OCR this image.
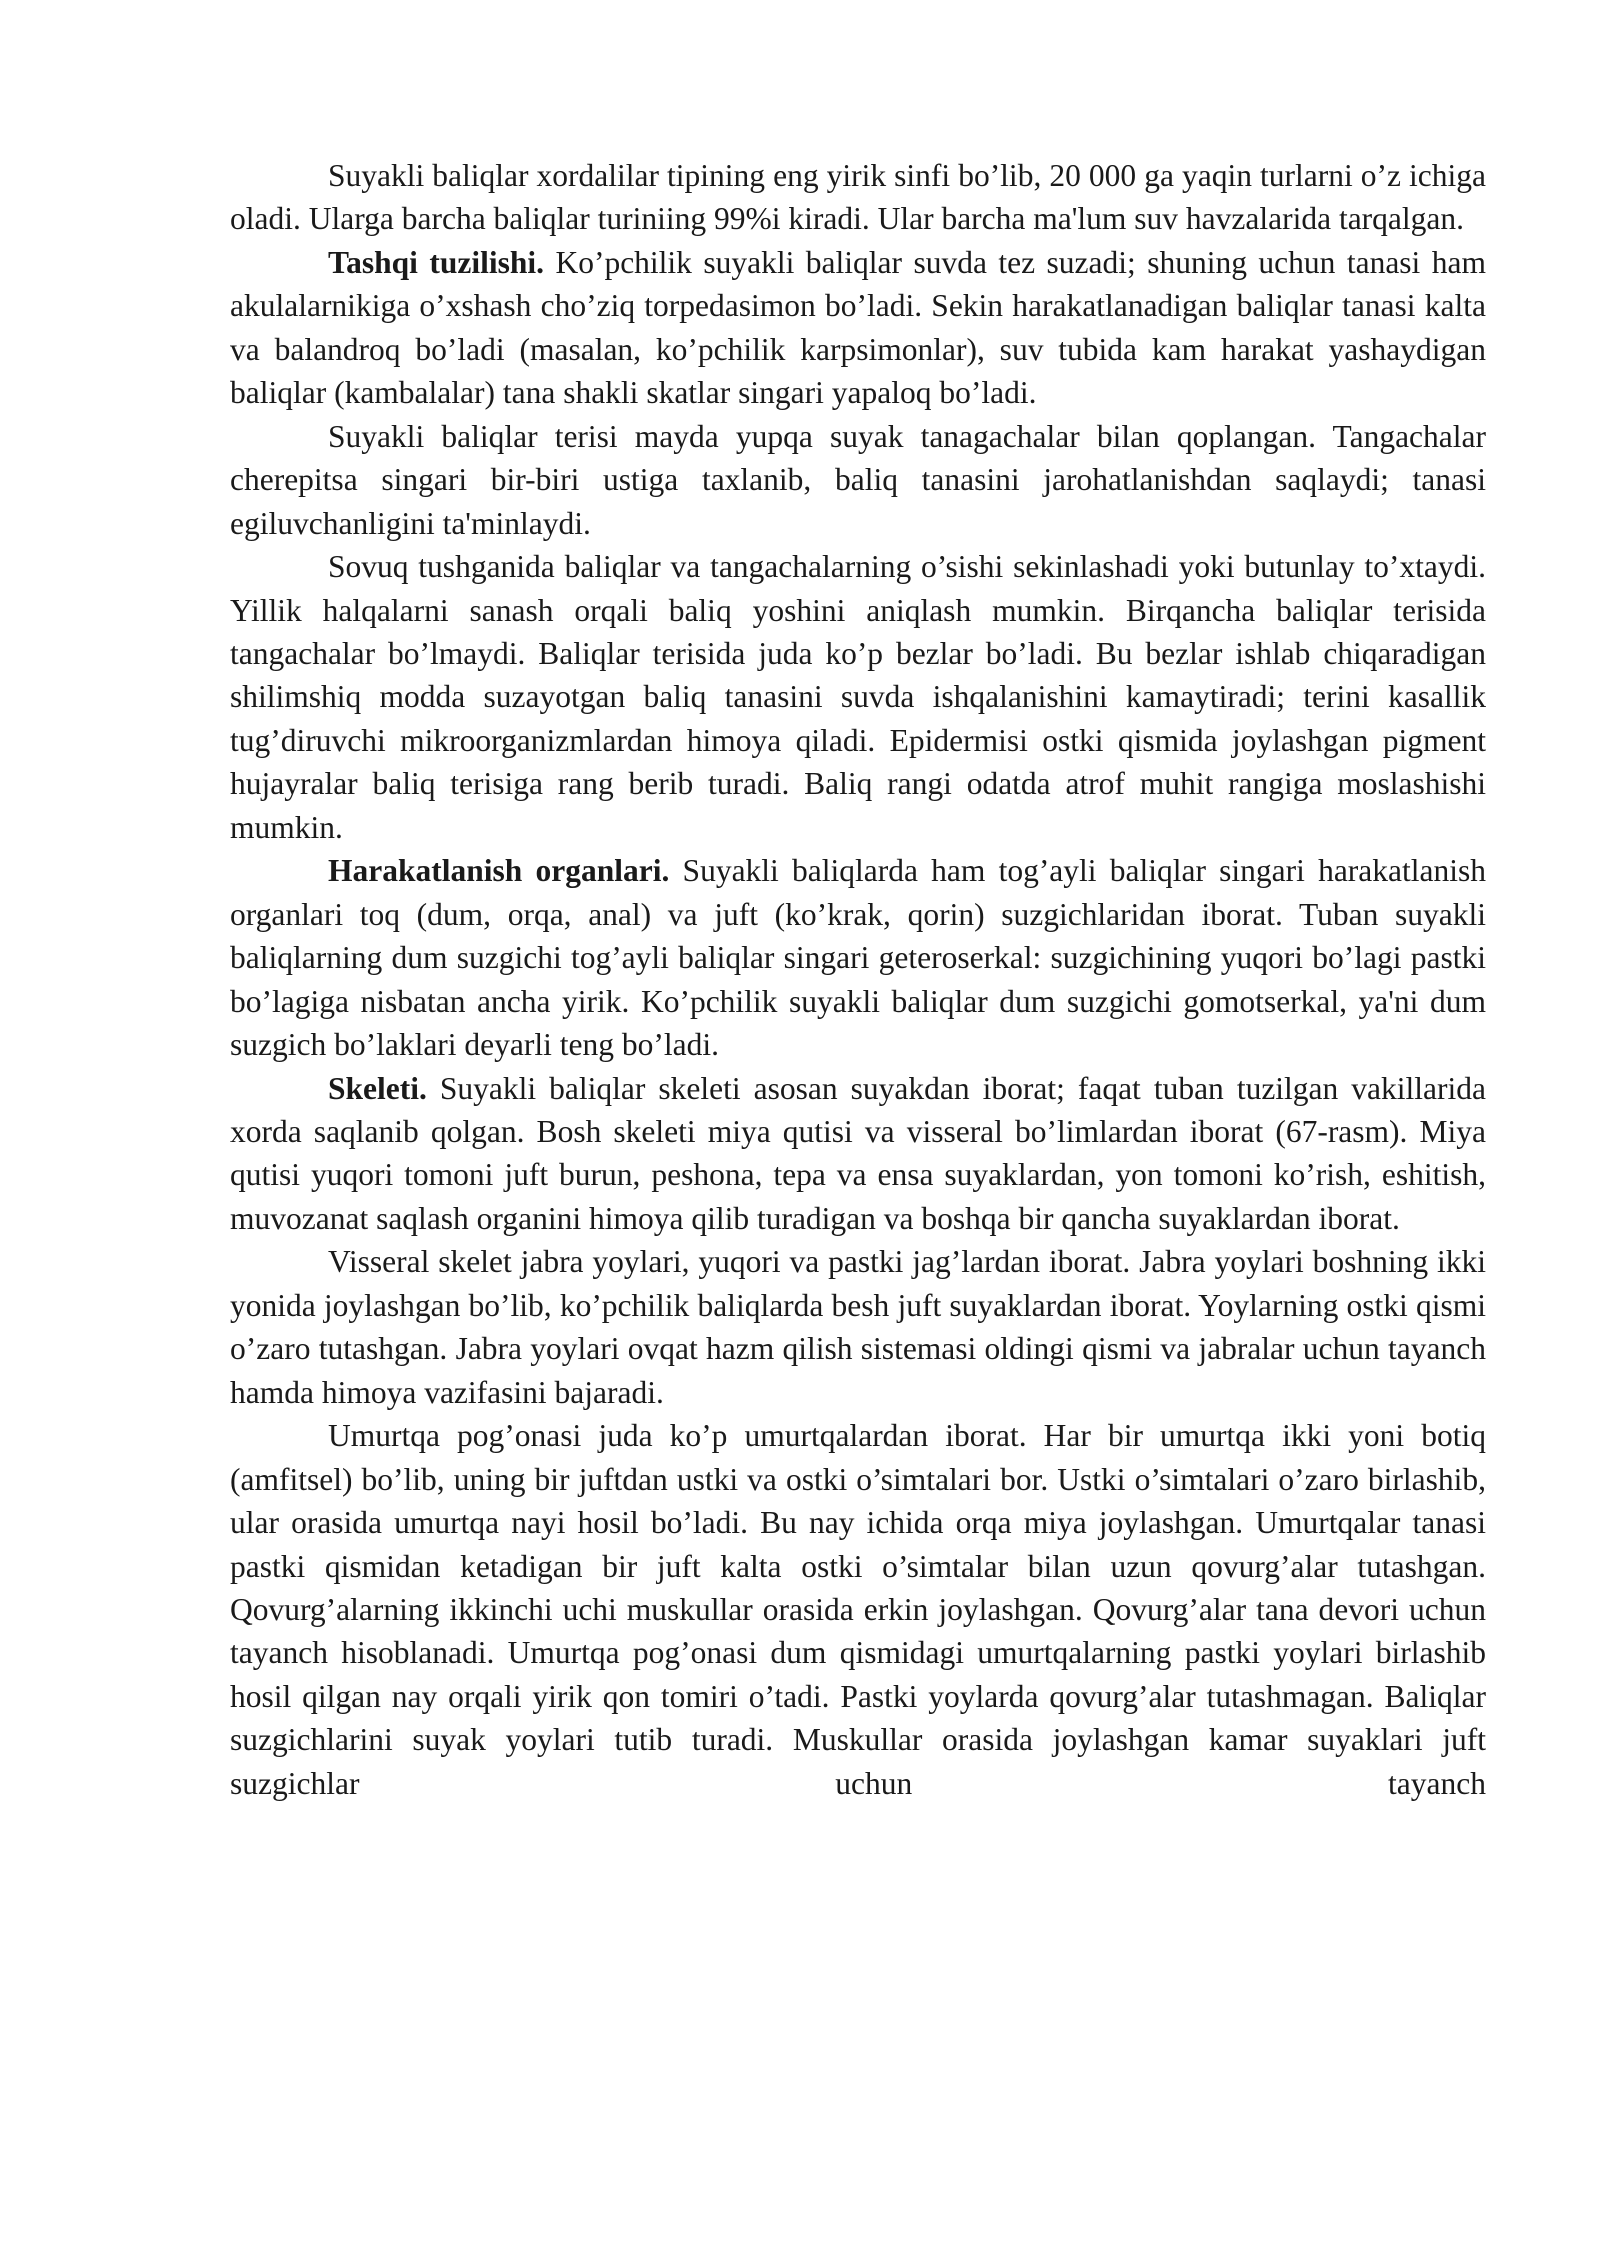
Suyakli baliqlar xordalilar tipining eng yirik sinfi bo’lib, 20 000 ga yaqin turlarni o’z ichiga oladi. Ularga barcha baliqlar turiniing 99%i kiradi. Ular barcha ma'lum suv havzalarida tarqalgan.

Tashqi tuzilishi. Ko’pchilik suyakli baliqlar suvda tez suzadi; shuning uchun tanasi ham akulalarnikiga o’xshash cho’ziq torpedasimon bo’ladi. Sekin harakatlanadigan baliqlar tanasi kalta va balandroq bo’ladi (masalan, ko’pchilik karpsimonlar), suv tubida kam harakat yashaydigan baliqlar (kambalalar) tana shakli skatlar singari yapaloq bo’ladi.

Suyakli baliqlar terisi mayda yupqa suyak tanagachalar bilan qoplangan. Tangachalar cherepitsa singari bir-biri ustiga taxlanib, baliq tanasini jarohatlanishdan saqlaydi; tanasi egiluvchanligini ta'minlaydi.

Sovuq tushganida baliqlar va tangachalarning o’sishi sekinlashadi yoki butunlay to’xtaydi. Yillik halqalarni sanash orqali baliq yoshini aniqlash mumkin. Birqancha baliqlar terisida tangachalar bo’lmaydi. Baliqlar terisida juda ko’p bezlar bo’ladi. Bu bezlar ishlab chiqaradigan shilimshiq modda suzayotgan baliq tanasini suvda ishqalanishini kamaytiradi; terini kasallik tug’diruvchi mikroorganizmlardan himoya qiladi. Epidermisi ostki qismida joylashgan pigment hujayralar baliq terisiga rang berib turadi. Baliq rangi odatda atrof muhit rangiga moslashishi mumkin.

Harakatlanish organlari. Suyakli baliqlarda ham tog’ayli baliqlar singari harakatlanish organlari toq (dum, orqa, anal) va juft (ko’krak, qorin) suzgichlaridan iborat. Tuban suyakli baliqlarning dum suzgichi tog’ayli baliqlar singari geteroserkal: suzgichining yuqori bo’lagi pastki bo’lagiga nisbatan ancha yirik. Ko’pchilik suyakli baliqlar dum suzgichi gomotserkal, ya'ni dum suzgich bo’laklari deyarli teng bo’ladi.

Skeleti. Suyakli baliqlar skeleti asosan suyakdan iborat; faqat tuban tuzilgan vakillarida xorda saqlanib qolgan. Bosh skeleti miya qutisi va visseral bo’limlardan iborat (67-rasm). Miya qutisi yuqori tomoni juft burun, peshona, tepa va ensa suyaklardan, yon tomoni ko’rish, eshitish, muvozanat saqlash organini himoya qilib turadigan va boshqa bir qancha suyaklardan iborat.

Visseral skelet jabra yoylari, yuqori va pastki jag’lardan iborat. Jabra yoylari boshning ikki yonida joylashgan bo’lib, ko’pchilik baliqlarda besh juft suyaklardan iborat. Yoylarning ostki qismi o’zaro tutashgan. Jabra yoylari ovqat hazm qilish sistemasi oldingi qismi va jabralar uchun tayanch hamda himoya vazifasini bajaradi.

Umurtqa pog’onasi juda ko’p umurtqalardan iborat. Har bir umurtqa ikki yoni botiq (amfitsel) bo’lib, uning bir juftdan ustki va ostki o’simtalari bor. Ustki o’simtalari o’zaro birlashib, ular orasida umurtqa nayi hosil bo’ladi. Bu nay ichida orqa miya joylashgan. Umurtqalar tanasi pastki qismidan ketadigan bir juft kalta ostki o’simtalar bilan uzun qovurg’alar tutashgan. Qovurg’alarning ikkinchi uchi muskullar orasida erkin joylashgan. Qovurg’alar tana devori uchun tayanch hisoblanadi. Umurtqa pog’onasi dum qismidagi umurtqalarning pastki yoylari birlashib hosil qilgan nay orqali yirik qon tomiri o’tadi. Pastki yoylarda qovurg’alar tutashmagan. Baliqlar suzgichlarini suyak yoylari tutib turadi. Muskullar orasida joylashgan kamar suyaklari juft suzgichlar uchun tayanch
